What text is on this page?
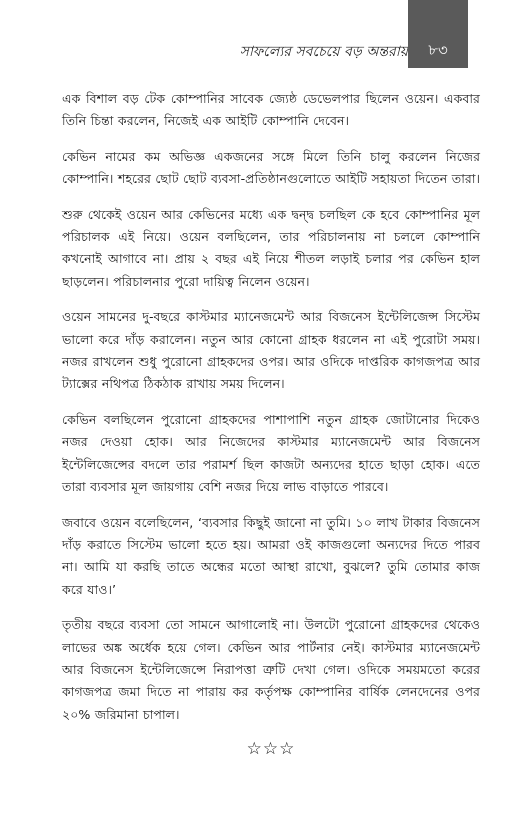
সাফল্যের সবচেয়ে বড় অন্তরায়	৮৩

এক বিশাল বড় টেক কোম্পানির সাবেক জ্যেষ্ঠ ডেভেলপার ছিলেন ওয়েন। একবার তিনি চিন্তা করলেন, নিজেই এক আইটি কোম্পানি দেবেন।

কেভিন নামের কম অভিজ্ঞ একজনের সঙ্গে মিলে তিনি চালু করলেন নিজের কোম্পানি। শহরের ছোট ছোট ব্যবসা-প্রতিষ্ঠানগুলোতে আইটি সহায়তা দিতেন তারা।

শুরু থেকেই ওয়েন আর কেভিনের মধ্যে এক দ্বন্দ্ব চলছিল কে হবে কোম্পানির মূল পরিচালক এই নিয়ে। ওয়েন বলছিলেন, তার পরিচালনায় না চললে কোম্পানি কখনোই আগাবে না। প্রায় ২ বছর এই নিয়ে শীতল লড়াই চলার পর কেভিন হাল ছাড়লেন। পরিচালনার পুরো দায়িত্ব নিলেন ওয়েন।

ওয়েন সামনের দু-বছরে কাস্টমার ম্যানেজমেন্ট আর বিজনেস ইন্টেলিজেন্স সিস্টেম ভালো করে দাঁড় করালেন। নতুন আর কোনো গ্রাহক ধরলেন না এই পুরোটা সময়। নজর রাখলেন শুধু পুরোনো গ্রাহকদের ওপর। আর ওদিকে দাপ্তরিক কাগজপত্র আর ট্যাক্সের নথিপত্র ঠিকঠাক রাখায় সময় দিলেন।

কেভিন বলছিলেন পুরোনো গ্রাহকদের পাশাপাশি নতুন গ্রাহক জোটানোর দিকেও নজর দেওয়া হোক। আর নিজেদের কাস্টমার ম্যানেজমেন্ট আর বিজনেস ইন্টেলিজেন্সের বদলে তার পরামর্শ ছিল কাজটা অন্যদের হাতে ছাড়া হোক। এতে তারা ব্যবসার মূল জায়গায় বেশি নজর দিয়ে লাভ বাড়াতে পারবে।

জবাবে ওয়েন বলেছিলেন, ‘ব্যবসার কিছুই জানো না তুমি। ১০ লাখ টাকার বিজনেস দাঁড় করাতে সিস্টেম ভালো হতে হয়। আমরা ওই কাজগুলো অন্যদের দিতে পারব না। আমি যা করছি তাতে অন্ধের মতো আস্থা রাখো, বুঝলে? তুমি তোমার কাজ করে যাও।’

তৃতীয় বছরে ব্যবসা তো সামনে আগালোই না। উলটো পুরোনো গ্রাহকদের থেকেও লাভের অঙ্ক অর্ধেক হয়ে গেল। কেভিন আর পার্টনার নেই। কাস্টমার ম্যানেজমেন্ট আর বিজনেস ইন্টেলিজেন্সে নিরাপত্তা ত্রুটি দেখা গেল। ওদিকে সময়মতো করের কাগজপত্র জমা দিতে না পারায় কর কর্তৃপক্ষ কোম্পানির বার্ষিক লেনদেনের ওপর ২০% জরিমানা চাপাল।

☆☆☆
